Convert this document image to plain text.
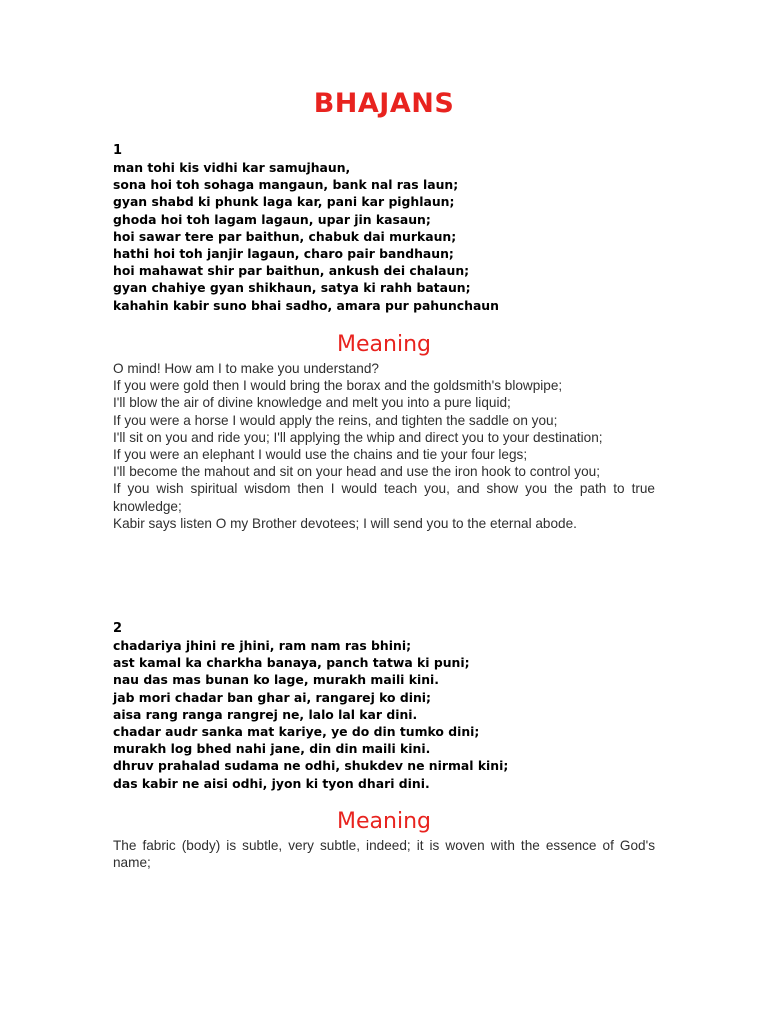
BHAJANS
1
man tohi kis vidhi kar samujhaun,
sona hoi toh sohaga mangaun, bank nal ras laun;
gyan shabd ki phunk laga kar, pani kar pighlaun;
ghoda hoi toh lagam lagaun, upar jin kasaun;
hoi sawar tere par baithun, chabuk dai murkaun;
hathi hoi toh janjir lagaun, charo pair bandhaun;
hoi mahawat shir par baithun, ankush dei chalaun;
gyan chahiye gyan shikhaun, satya ki rahh bataun;
kahahin kabir suno bhai sadho, amara pur pahunchaun
Meaning
O mind! How am I to make you understand?
If you were gold then I would bring the borax and the goldsmith's blowpipe;
I'll blow the air of divine knowledge and melt you into a pure liquid;
If you were a horse I would apply the reins, and tighten the saddle on you;
I'll sit on you and ride you; I'll applying the whip and direct you to your destination;
If you were an elephant I would use the chains and tie your four legs;
I'll become the mahout and sit on your head and use the iron hook to control you;
If you wish spiritual wisdom then I would teach you, and show you the path to true knowledge;
Kabir says listen O my Brother devotees; I will send you to the eternal abode.
2
chadariya jhini re jhini, ram nam ras bhini;
ast kamal ka charkha banaya, panch tatwa ki puni;
nau das mas bunan ko lage, murakh maili kini.
jab mori chadar ban ghar ai, rangarej ko dini;
aisa rang ranga rangrej ne, lalo lal kar dini.
chadar audr sanka mat kariye, ye do din tumko dini;
murakh log bhed nahi jane, din din maili kini.
dhruv prahalad sudama ne odhi, shukdev ne nirmal kini;
das kabir ne aisi odhi, jyon ki tyon dhari dini.
Meaning
The fabric (body) is subtle, very subtle, indeed; it is woven with the essence of God's name;
